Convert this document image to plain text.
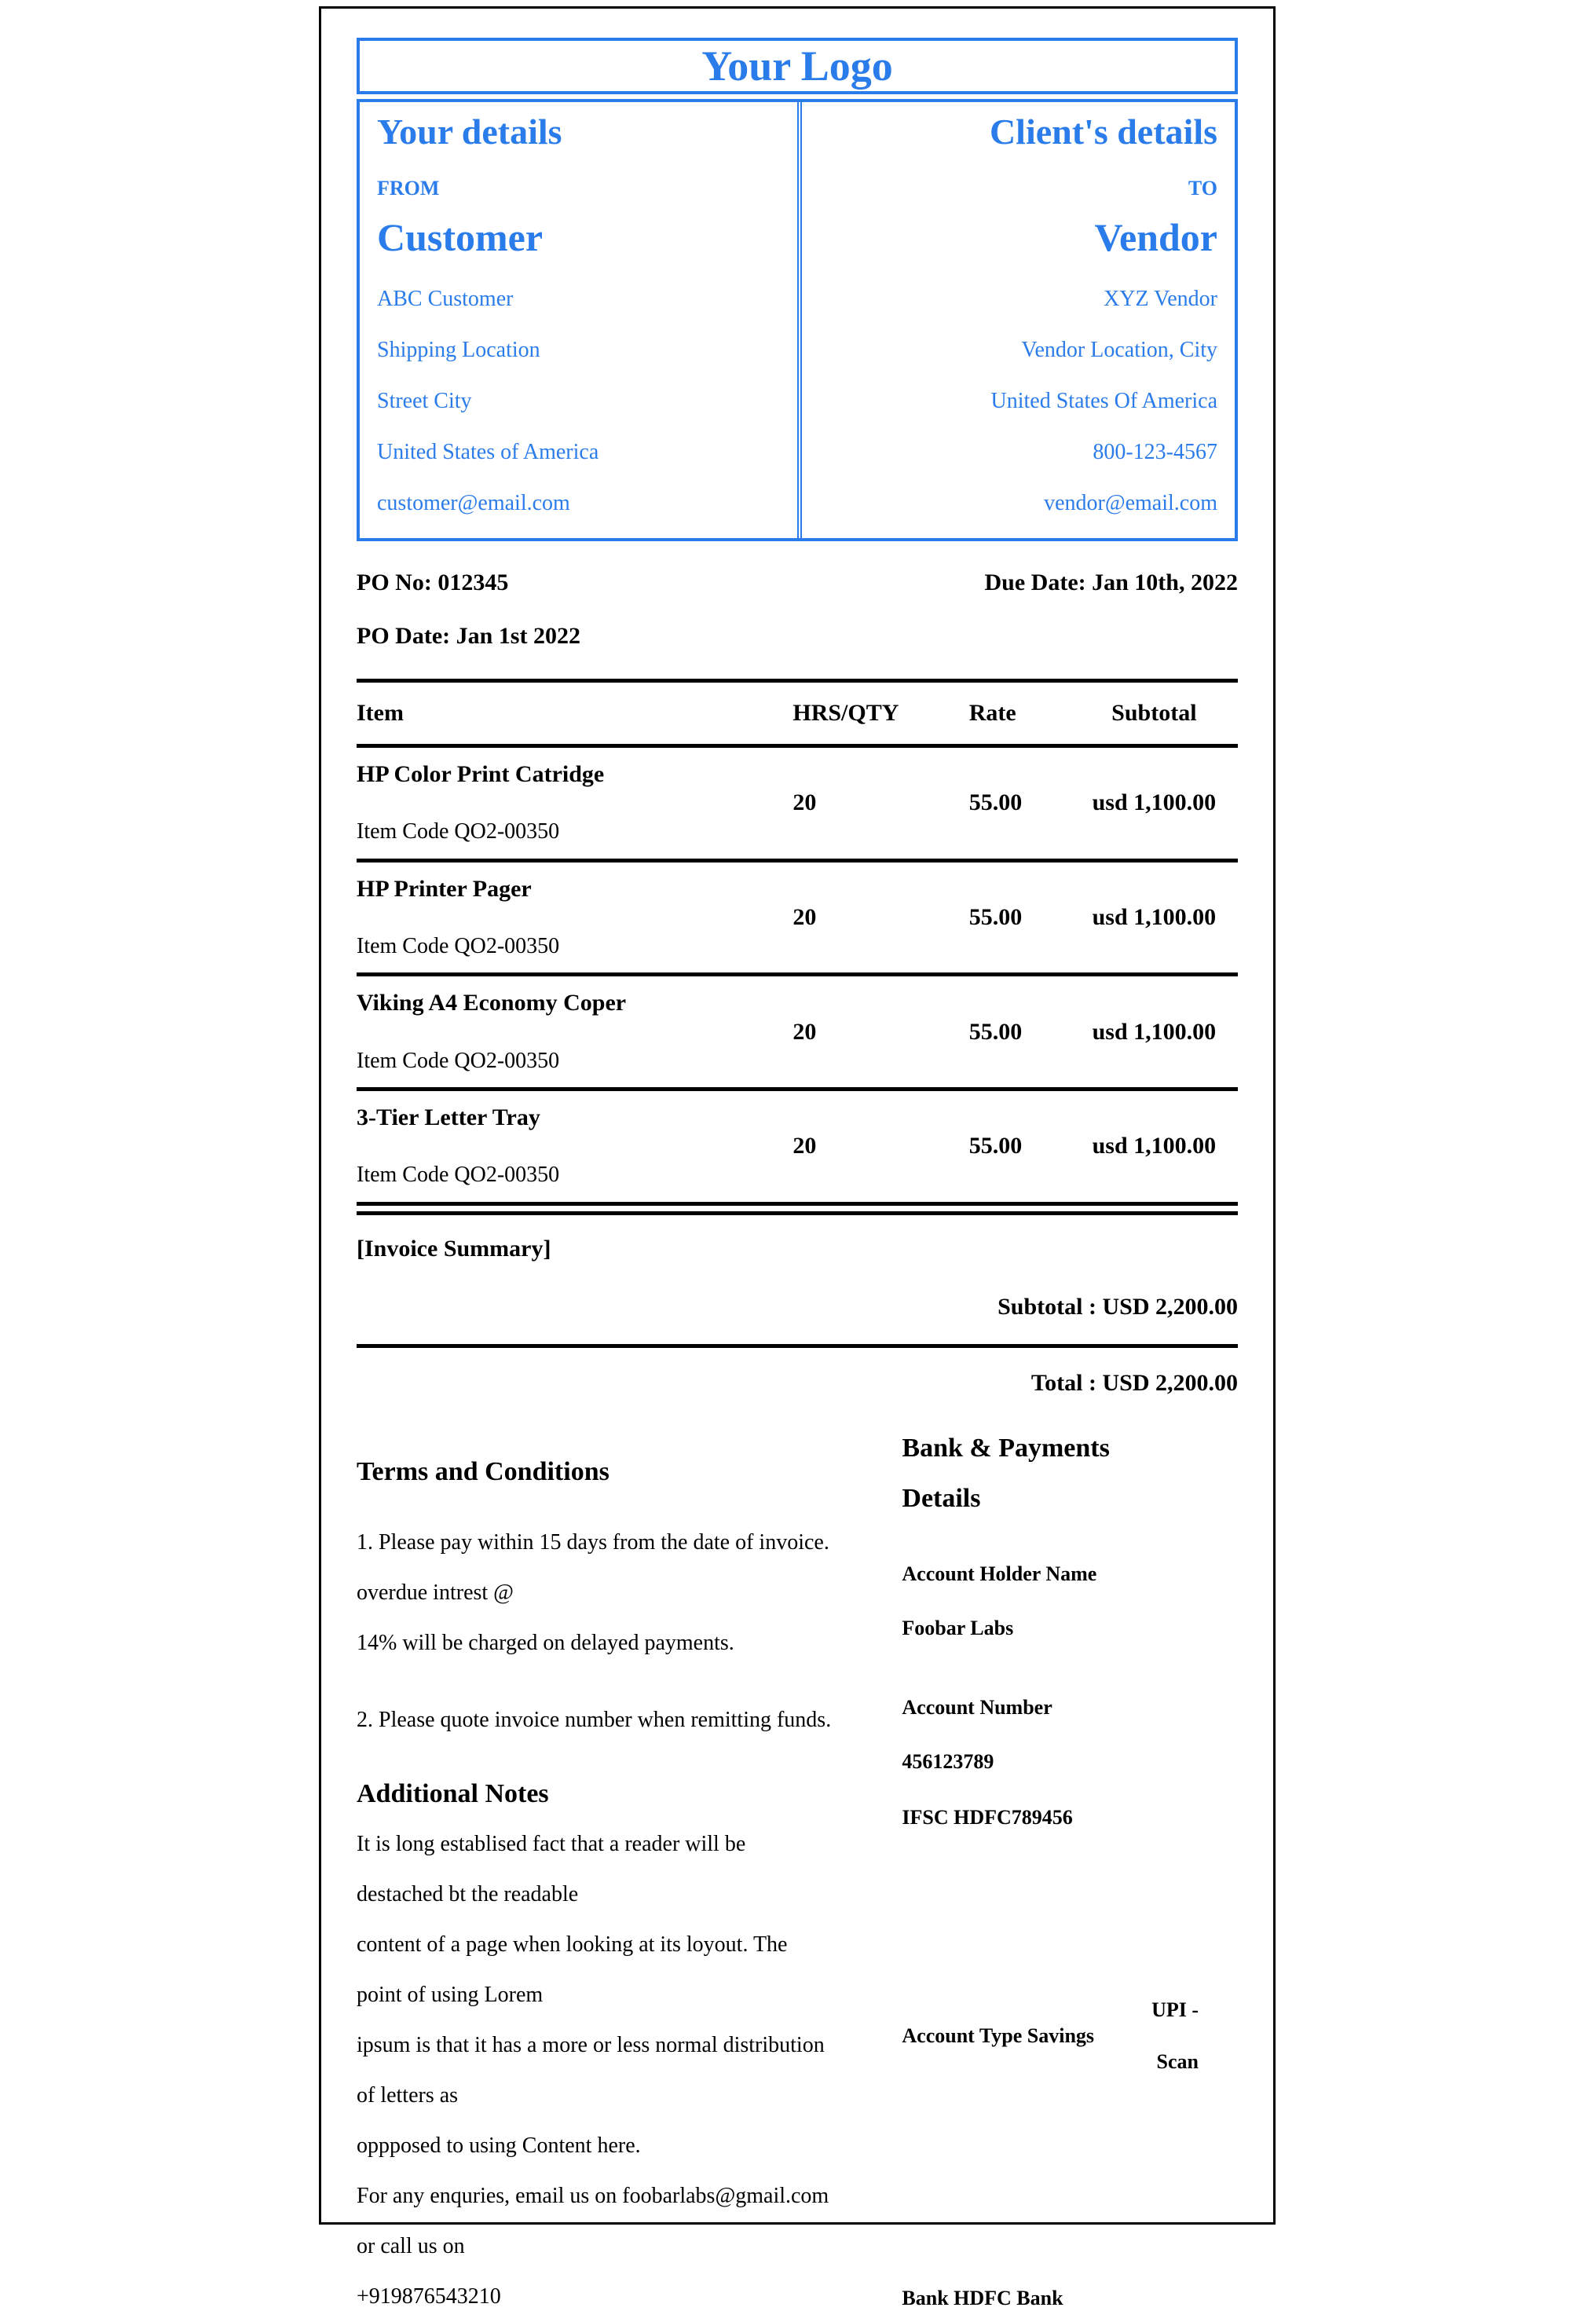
Your Logo
Your details
FROM
Customer
ABC Customer
Shipping Location
Street City
United States of America
customer@email.com
Client's details
TO
Vendor
XYZ Vendor
Vendor Location, City
United States Of America
800-123-4567
vendor@email.com
PO No: 012345	Due Date: Jan 10th, 2022
PO Date: Jan 1st 2022
Item	HRS/QTY	Rate	Subtotal
HP Color Print Catridge
Item Code QO2-00350
20	55.00	usd 1,100.00
HP Printer Pager
Item Code QO2-00350
20	55.00	usd 1,100.00
Viking A4 Economy Coper
Item Code QO2-00350
20	55.00	usd 1,100.00
3-Tier Letter Tray
Item Code QO2-00350
20	55.00	usd 1,100.00
[Invoice Summary]
Subtotal : USD 2,200.00
Total : USD 2,200.00
Terms and Conditions
1. Please pay within 15 days from the date of invoice.
overdue intrest @
14% will be charged on delayed payments.
2. Please quote invoice number when remitting funds.
Additional Notes
It is long establised fact that a reader will be
destached bt the readable
content of a page when looking at its loyout. The
point of using Lorem
ipsum is that it has a more or less normal distribution
of letters as
oppposed to using Content here.
For any enquries, email us on foobarlabs@gmail.com
or call us on
+919876543210
Bank & Payments Details
Account Holder Name
Foobar Labs
Account Number
456123789
IFSC HDFC789456
Account Type Savings
UPI - Scan
Bank HDFC Bank
